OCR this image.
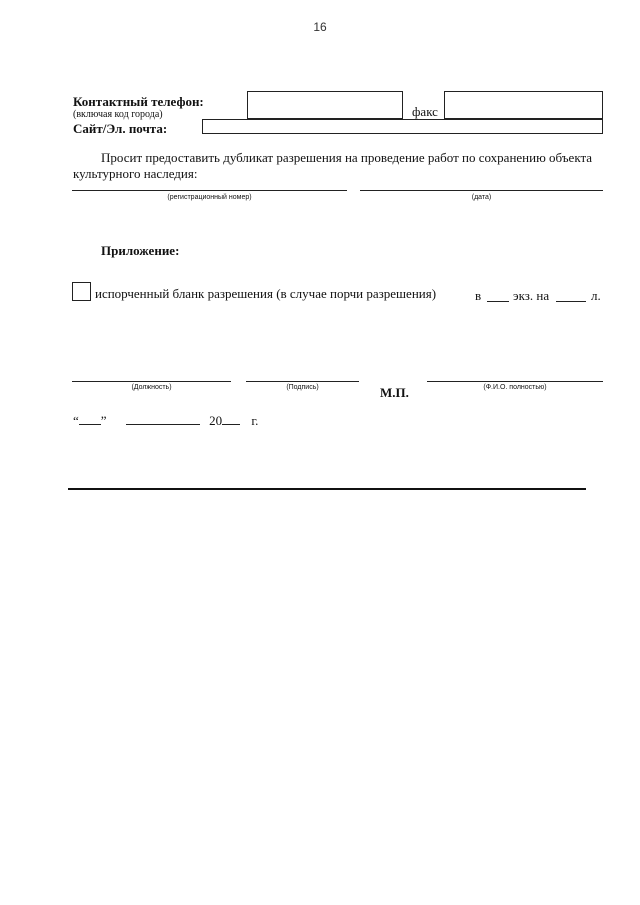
16
Контактный телефон:
(включая код города)	факс
Сайт/Эл. почта:
Просит предоставить дубликат разрешения на проведение работ по сохранению объекта
культурного наследия:
(регистрационный номер)	(дата)
Приложение:
испорченный бланк разрешения (в случае порчи разрешения)	в экз. на	л.
(Должность)	(Подпись)	М.П.	(Ф.И.О. полностью)
“ ”	20 г.
